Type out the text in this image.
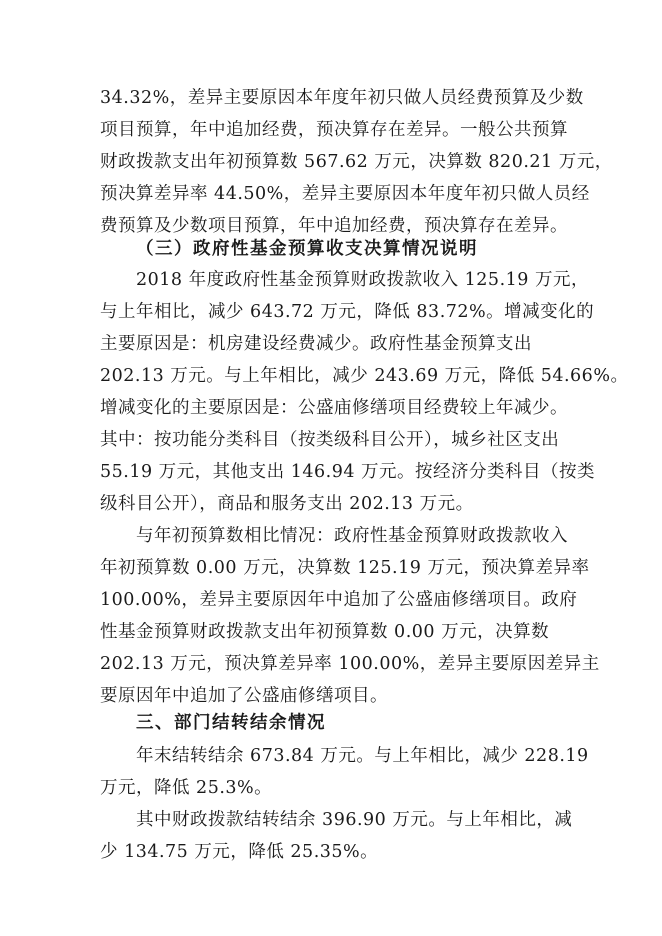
34.32%，差异主要原因本年度年初只做人员经费预算及少数
项目预算，年中追加经费，预决算存在差异。一般公共预算
财政拨款支出年初预算数 567.62 万元，决算数 820.21 万元，
预决算差异率 44.50%，差异主要原因本年度年初只做人员经
费预算及少数项目预算，年中追加经费，预决算存在差异。
（三）政府性基金预算收支决算情况说明
2018 年度政府性基金预算财政拨款收入 125.19 万元，
与上年相比，减少 643.72 万元，降低 83.72%。增减变化的
主要原因是：机房建设经费减少。政府性基金预算支出
202.13 万元。与上年相比，减少 243.69 万元，降低 54.66%。
增减变化的主要原因是：公盛庙修缮项目经费较上年减少。
其中：按功能分类科目（按类级科目公开），城乡社区支出
55.19 万元，其他支出 146.94 万元。按经济分类科目（按类
级科目公开），商品和服务支出 202.13 万元。
与年初预算数相比情况：政府性基金预算财政拨款收入
年初预算数 0.00 万元，决算数 125.19 万元，预决算差异率
100.00%，差异主要原因年中追加了公盛庙修缮项目。政府
性基金预算财政拨款支出年初预算数 0.00 万元，决算数
202.13 万元，预决算差异率 100.00%，差异主要原因差异主
要原因年中追加了公盛庙修缮项目。
三、部门结转结余情况
年末结转结余 673.84 万元。与上年相比，减少 228.19
万元，降低 25.3%。
其中财政拨款结转结余 396.90 万元。与上年相比，减
少 134.75 万元，降低 25.35%。
